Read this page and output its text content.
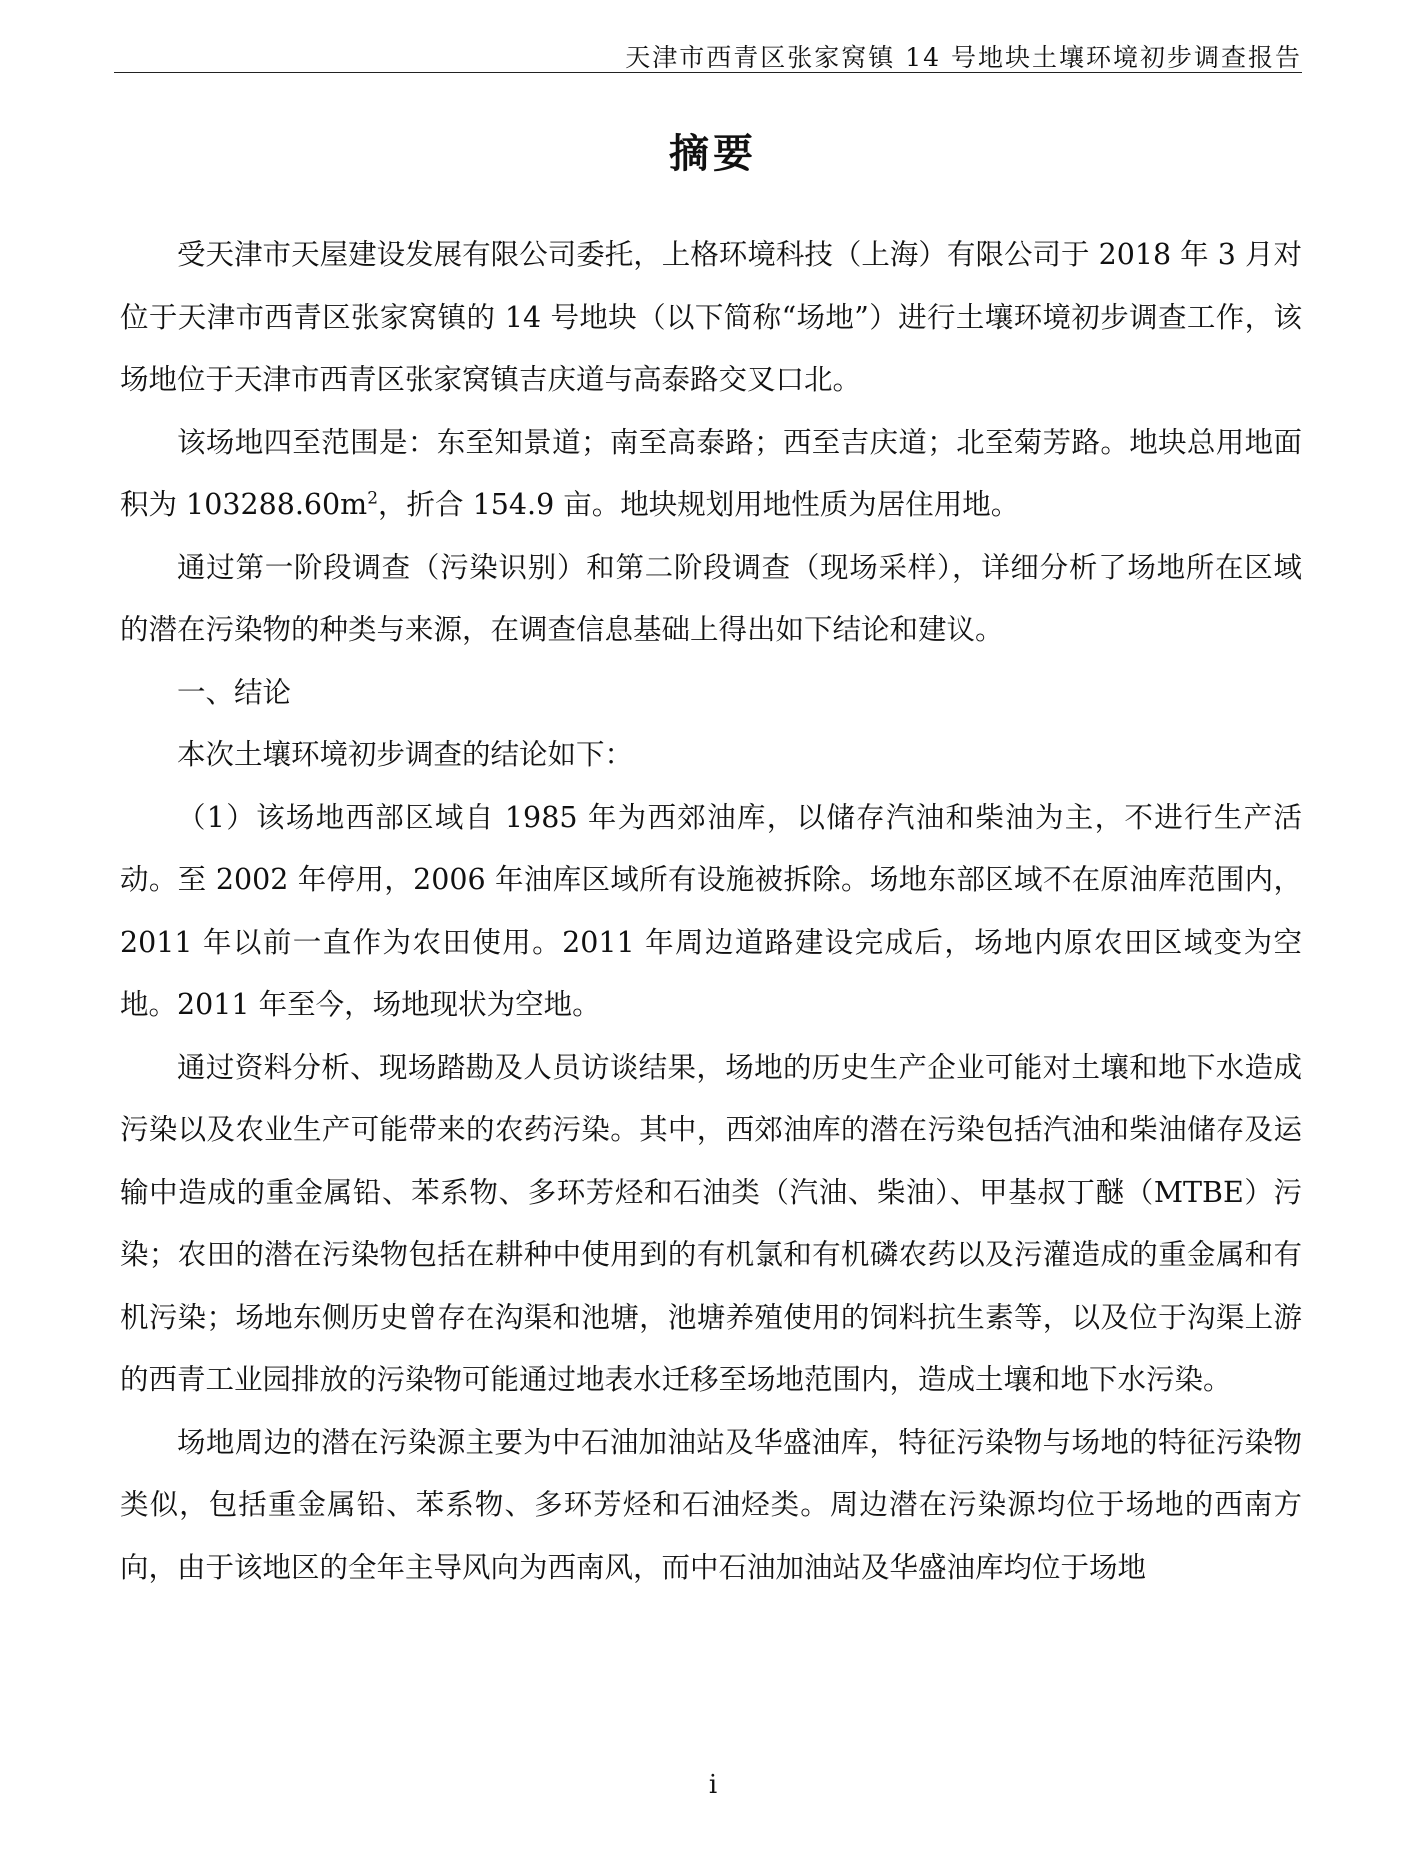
天津市西青区张家窝镇 14 号地块土壤环境初步调查报告
摘要

受天津市天屋建设发展有限公司委托，上格环境科技（上海）有限公司于 2018 年 3 月对位于天津市西青区张家窝镇的 14 号地块（以下简称“场地”）进行土壤环境初步调查工作，该场地位于天津市西青区张家窝镇吉庆道与高泰路交叉口北。

该场地四至范围是：东至知景道；南至高泰路；西至吉庆道；北至菊芳路。地块总用地面积为 $103288.60m^2$，折合 154.9 亩。地块规划用地性质为居住用地。

通过第一阶段调查（污染识别）和第二阶段调查（现场采样），详细分析了场地所在区域的潜在污染物的种类与来源，在调查信息基础上得出如下结论和建议。

一、结论

本次土壤环境初步调查的结论如下：

（1）该场地西部区域自 1985 年为西郊油库，以储存汽油和柴油为主，不进行生产活动。至 2002 年停用，2006 年油库区域所有设施被拆除。场地东部区域不在原油库范围内，2011 年以前一直作为农田使用。2011 年周边道路建设完成后，场地内原农田区域变为空地。2011 年至今，场地现状为空地。

通过资料分析、现场踏勘及人员访谈结果，场地的历史生产企业可能对土壤和地下水造成污染以及农业生产可能带来的农药污染。其中，西郊油库的潜在污染包括汽油和柴油储存及运输中造成的重金属铅、苯系物、多环芳烃和石油类（汽油、柴油）、甲基叔丁醚（MTBE）污染；农田的潜在污染物包括在耕种中使用到的有机氯和有机磷农药以及污灌造成的重金属和有机污染；场地东侧历史曾存在沟渠和池塘，池塘养殖使用的饲料抗生素等，以及位于沟渠上游的西青工业园排放的污染物可能通过地表水迁移至场地范围内，造成土壤和地下水污染。

场地周边的潜在污染源主要为中石油加油站及华盛油库，特征污染物与场地的特征污染物类似，包括重金属铅、苯系物、多环芳烃和石油烃类。周边潜在污染源均位于场地的西南方向，由于该地区的全年主导风向为西南风，而中石油加油站及华盛油库均位于场地

i
